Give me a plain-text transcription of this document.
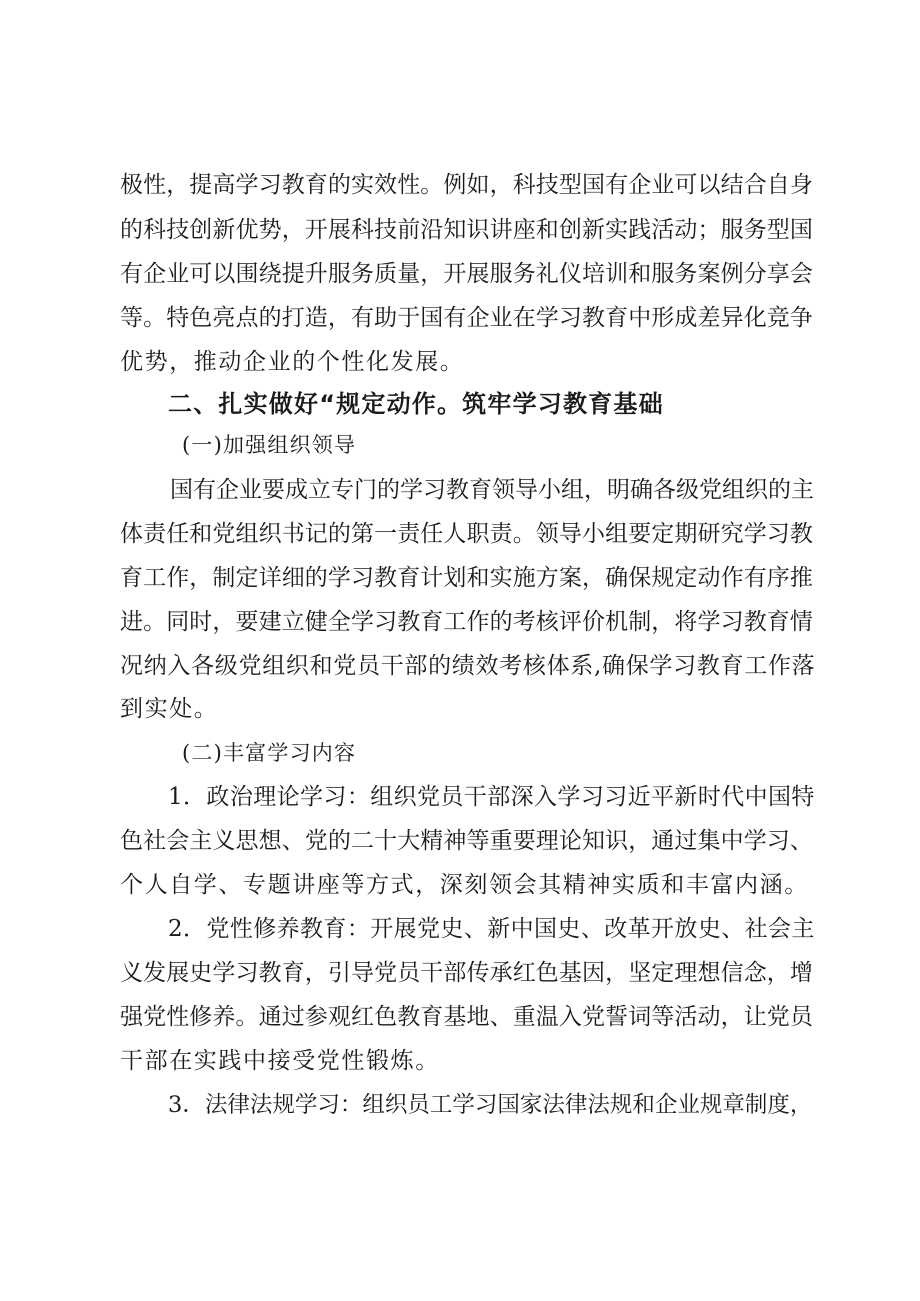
极性，提高学习教育的实效性。例如，科技型国有企业可以结合自身
的科技创新优势，开展科技前沿知识讲座和创新实践活动；服务型国
有企业可以围绕提升服务质量，开展服务礼仪培训和服务案例分享会
等。特色亮点的打造，有助于国有企业在学习教育中形成差异化竞争
优势，推动企业的个性化发展。
二、扎实做好“规定动作。筑牢学习教育基础
(一)加强组织领导
国有企业要成立专门的学习教育领导小组，明确各级党组织的主
体责任和党组织书记的第一责任人职责。领导小组要定期研究学习教
育工作，制定详细的学习教育计划和实施方案，确保规定动作有序推
进。同时，要建立健全学习教育工作的考核评价机制，将学习教育情
况纳入各级党组织和党员干部的绩效考核体系,确保学习教育工作落
到实处。
(二)丰富学习内容
1．政治理论学习：组织党员干部深入学习习近平新时代中国特
色社会主义思想、党的二十大精神等重要理论知识，通过集中学习、
个人自学、专题讲座等方式，深刻领会其精神实质和丰富内涵。
2．党性修养教育：开展党史、新中国史、改革开放史、社会主
义发展史学习教育，引导党员干部传承红色基因，坚定理想信念，增
强党性修养。通过参观红色教育基地、重温入党誓词等活动，让党员
干部在实践中接受党性锻炼。
3．法律法规学习：组织员工学习国家法律法规和企业规章制度，
